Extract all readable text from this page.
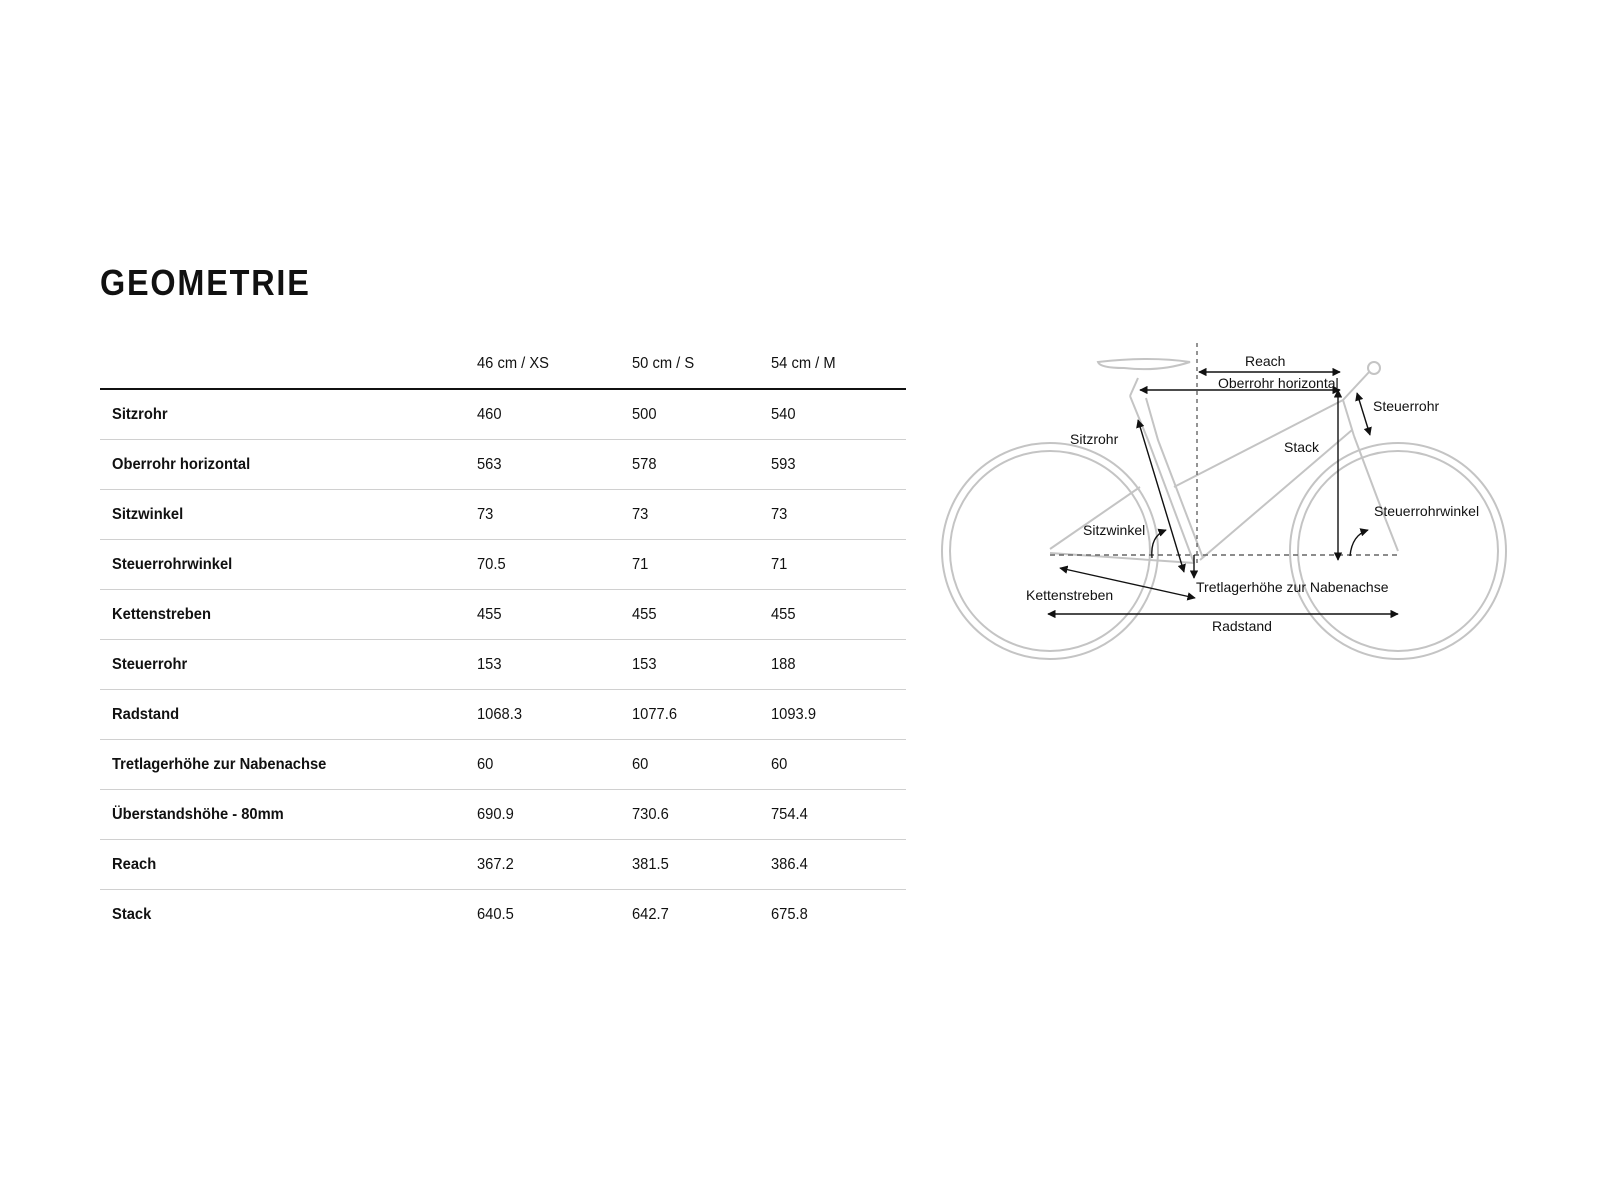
GEOMETRIE
46 cm / XS	50 cm / S	54 cm / M
Sitzrohr	460	500	540
Oberrohr horizontal	563	578	593
Sitzwinkel	73	73	73
Steuerrohrwinkel	70.5	71	71
Kettenstreben	455	455	455
Steuerrohr	153	153	188
Radstand	1068.3	1077.6	1093.9
Tretlagerhöhe zur Nabenachse	60	60	60
Überstandshöhe - 80mm	690.9	730.6	754.4
Reach	367.2	381.5	386.4
Stack	640.5	642.7	675.8
Reach
Oberrohr horizontal
Steuerrohr
Sitzrohr	Stack
Steuerrohrwinkel
Sitzwinkel
Kettenstreben	Tretlagerhöhe zur Nabenachse
Radstand
